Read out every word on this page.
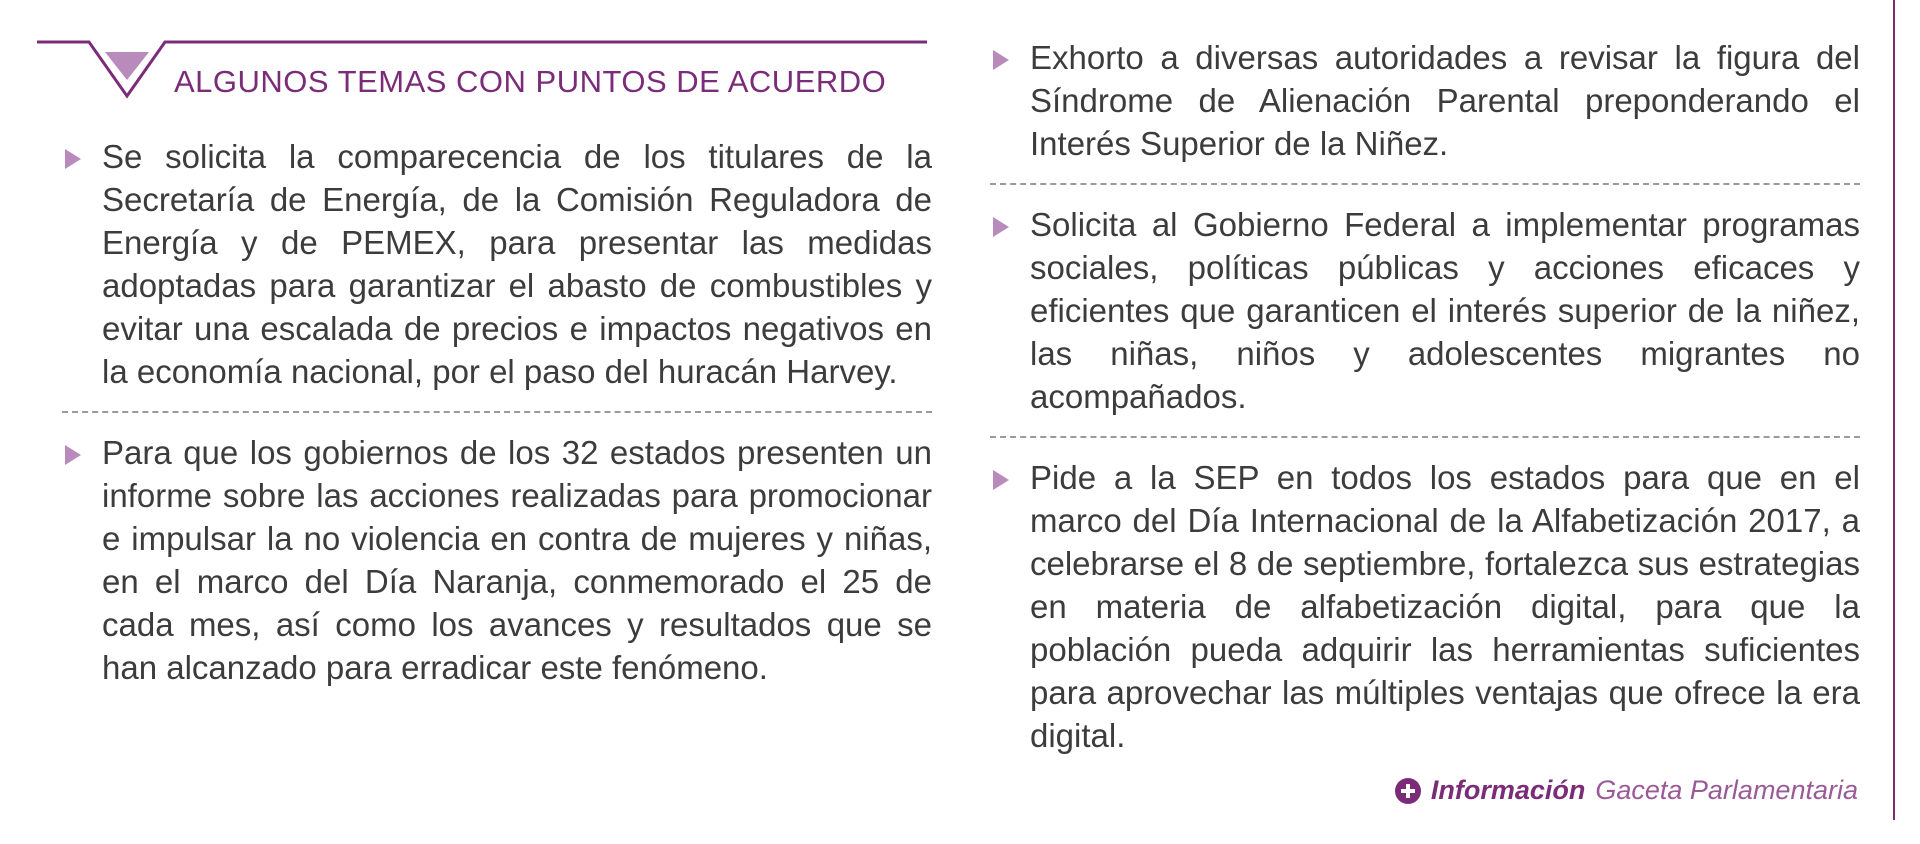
ALGUNOS TEMAS CON PUNTOS DE ACUERDO

Se solicita la comparecencia de los titulares de la Secretaría de Energía, de la Comisión Reguladora de Energía y de PEMEX, para presentar las medidas adoptadas para garantizar el abasto de combustibles y evitar una escalada de precios e impactos negativos en la economía nacional, por el paso del huracán Harvey.

Para que los gobiernos de los 32 estados presenten un informe sobre las acciones realizadas para promocionar e impulsar la no violencia en contra de mujeres y niñas, en el marco del Día Naranja, conmemorado el 25 de cada mes, así como los avances y resultados que se han alcanzado para erradicar este fenómeno.

Exhorto a diversas autoridades a revisar la figura del Síndrome de Alienación Parental preponderando el Interés Superior de la Niñez.

Solicita al Gobierno Federal a implementar programas sociales, políticas públicas y acciones eficaces y eficientes que garanticen el interés superior de la niñez, las niñas, niños y adolescentes migrantes no acompañados.

Pide a la SEP en todos los estados para que en el marco del Día Internacional de la Alfabetización 2017, a celebrarse el 8 de septiembre, fortalezca sus estrategias en materia de alfabetización digital, para que la población pueda adquirir las herramientas suficientes para aprovechar las múltiples ventajas que ofrece la era digital.

Información Gaceta Parlamentaria
